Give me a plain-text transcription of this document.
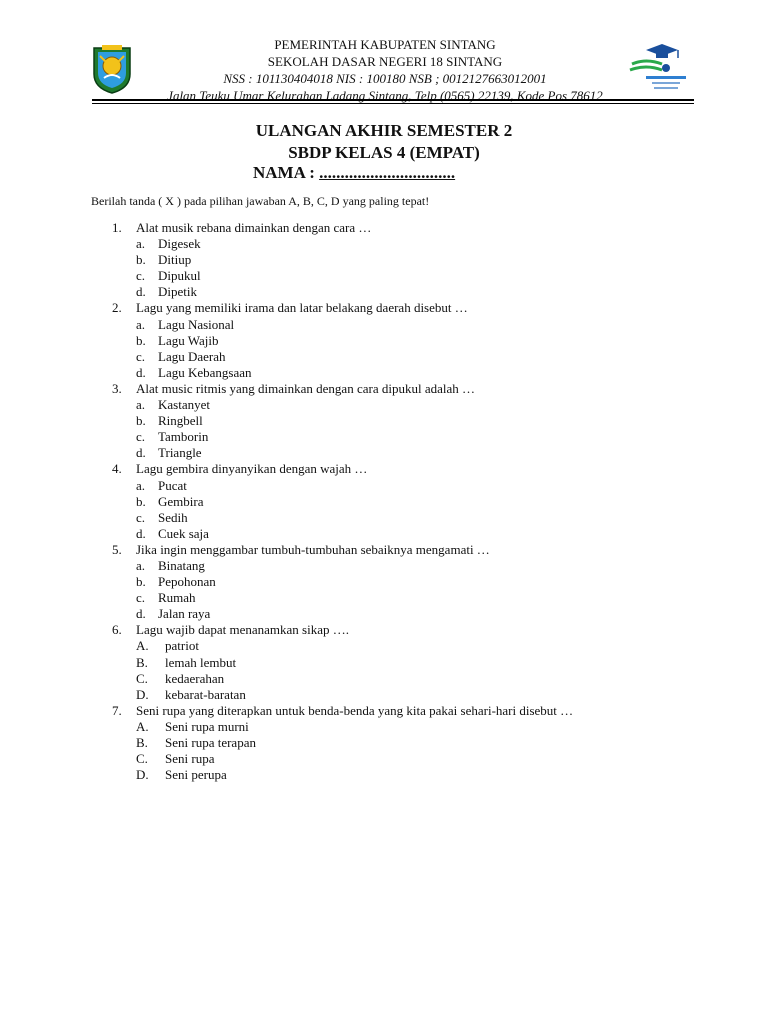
PEMERINTAH KABUPATEN SINTANG
SEKOLAH DASAR NEGERI 18 SINTANG
NSS : 101130404018 NIS : 100180 NSB ; 0012127663012001
Jalan Teuku Umar Kelurahan Ladang Sintang, Telp (0565) 22139, Kode Pos 78612
ULANGAN AKHIR SEMESTER 2
SBDP KELAS 4 (EMPAT)
NAMA : ................................
Berilah tanda ( X ) pada pilihan jawaban A, B, C, D yang paling tepat!
1.	Alat musik rebana dimainkan dengan cara …
a. Digesek
b. Ditiup
c. Dipukul
d. Dipetik
2.	Lagu yang memiliki irama dan latar belakang daerah disebut …
a. Lagu Nasional
b. Lagu Wajib
c. Lagu Daerah
d. Lagu Kebangsaan
3.	Alat music ritmis yang dimainkan dengan cara dipukul adalah …
a. Kastanyet
b. Ringbell
c. Tamborin
d. Triangle
4.	Lagu gembira dinyanyikan dengan wajah …
a. Pucat
b. Gembira
c. Sedih
d. Cuek saja
5.	Jika ingin menggambar tumbuh-tumbuhan sebaiknya mengamati …
a. Binatang
b. Pepohonan
c. Rumah
d. Jalan raya
6.	Lagu wajib dapat menanamkan sikap ….
A. patriot
B. lemah lembut
C. kedaerahan
D. kebarat-baratan
7.	Seni rupa yang diterapkan untuk benda-benda yang kita pakai sehari-hari disebut …
A. Seni rupa murni
B. Seni rupa terapan
C. Seni rupa
D. Seni perupa
